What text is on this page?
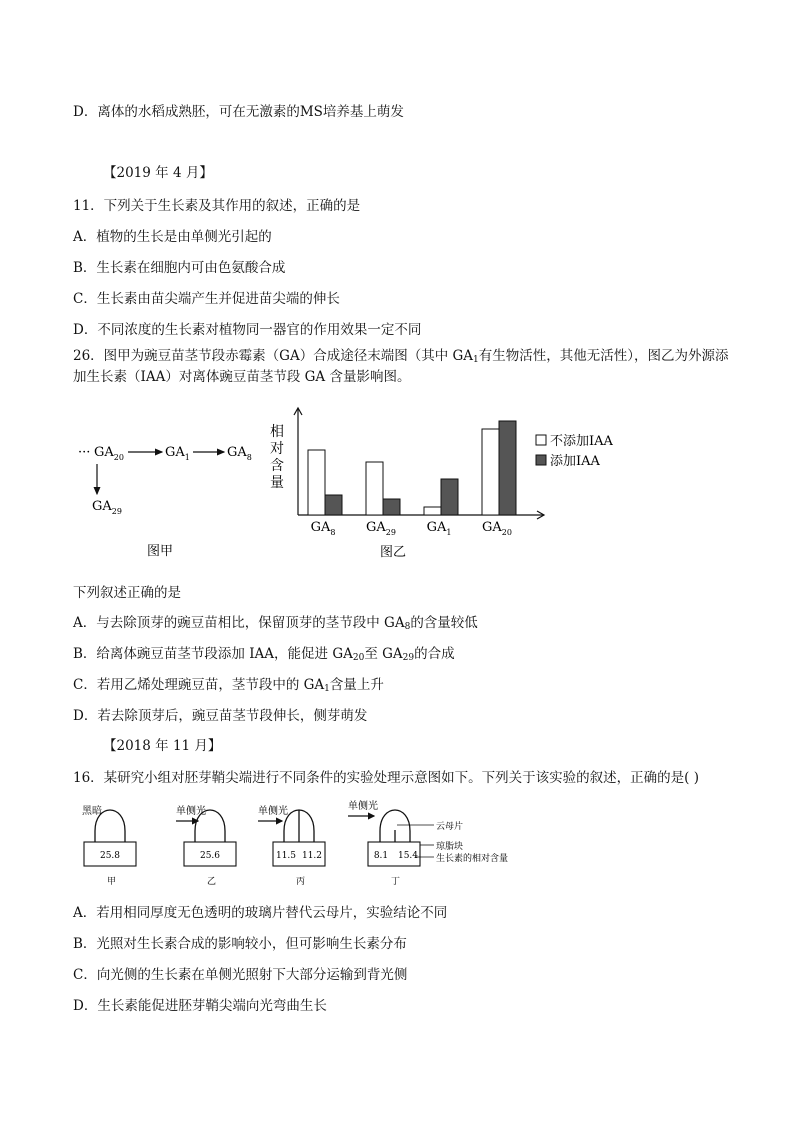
D．离体的水稻成熟胚，可在无激素的MS培养基上萌发
【2019 年 4 月】
11．下列关于生长素及其作用的叙述，正确的是
A．植物的生长是由单侧光引起的
B．生长素在细胞内可由色氨酸合成
C．生长素由苗尖端产生并促进苗尖端的伸长
D．不同浓度的生长素对植物同一器官的作用效果一定不同
26．图甲为豌豆苗茎节段赤霉素（GA）合成途径末端图（其中 $GA_1$有生物活性，其他无活性），图乙为外源添加生长素（IAA）对离体豌豆苗茎节段 GA 含量影响图。
··· $GA_{20}$	$GA_1$	$GA_8$
$GA_{29}$
图甲
相
对
含
量
$GA_8$ $GA_{29}$ $GA_1$ $GA_{20}$
不添加IAA
添加IAA
图乙
下列叙述正确的是
A．与去除顶芽的豌豆苗相比，保留顶芽的茎节段中 $GA_8$的含量较低
B．给离体豌豆苗茎节段添加 IAA，能促进 $GA_{20}$至 $GA_{29}$的合成
C．若用乙烯处理豌豆苗，茎节段中的 $GA_1$含量上升
D．若去除顶芽后，豌豆苗茎节段伸长，侧芽萌发
【2018 年 11 月】
16．某研究小组对胚芽鞘尖端进行不同条件的实验处理示意图如下。下列关于该实验的叙述，正确的是( )
黑暗
25.8
甲
单侧光
25.6
乙
单侧光
11.5 11.2
丙
单侧光
8.1 15.4
丁
云母片
琼脂块
生长素的相对含量
A．若用相同厚度无色透明的玻璃片替代云母片，实验结论不同
B．光照对生长素合成的影响较小，但可影响生长素分布
C．向光侧的生长素在单侧光照射下大部分运输到背光侧
D．生长素能促进胚芽鞘尖端向光弯曲生长
